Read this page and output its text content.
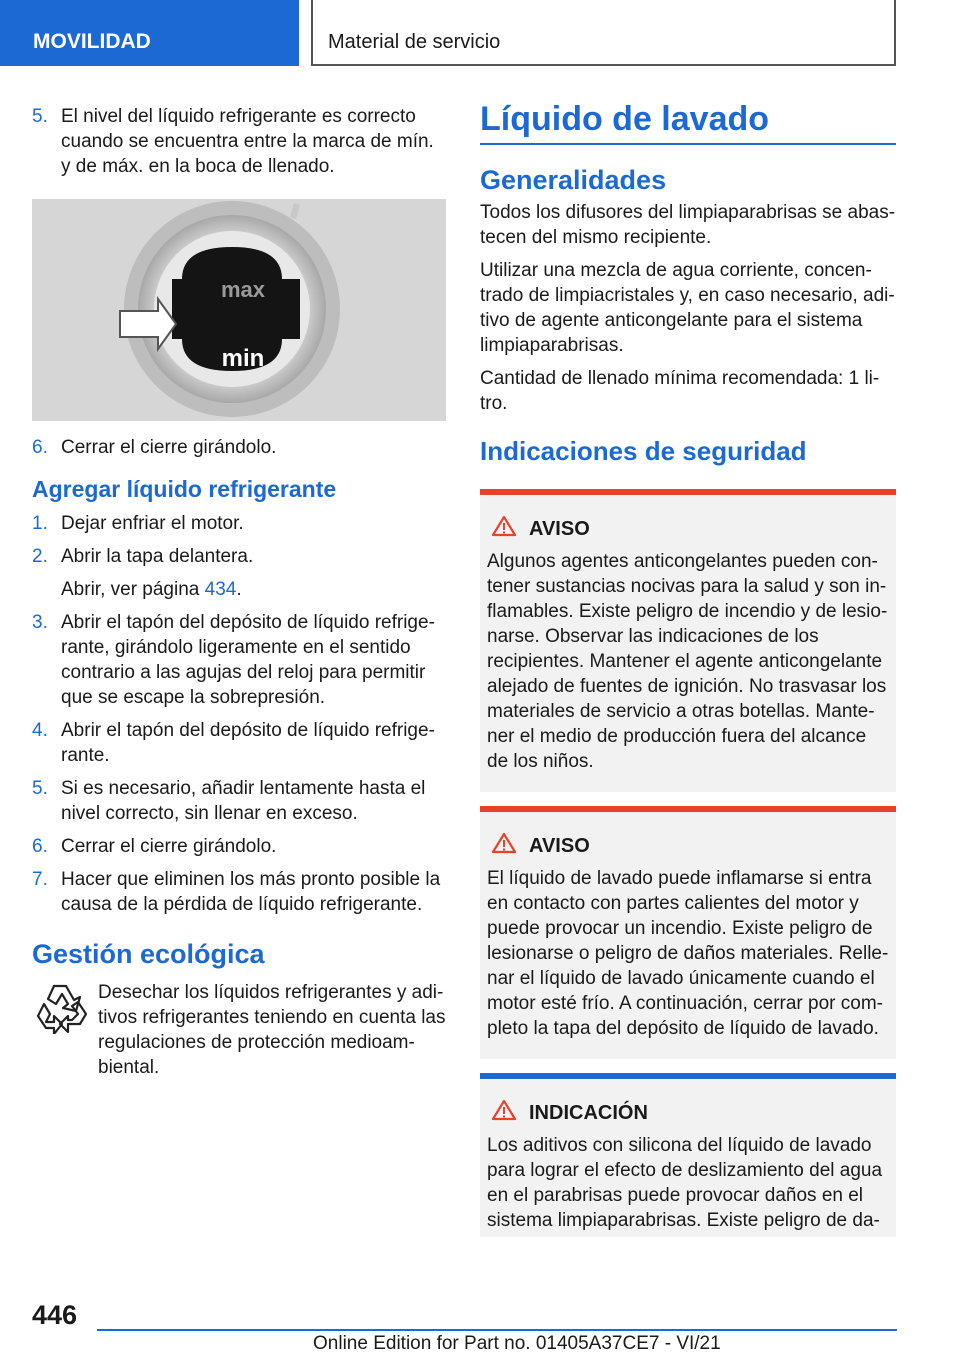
MOVILIDAD	Material de servicio
5. El nivel del líquido refrigerante es correcto cuando se encuentra entre la marca de mín. y de máx. en la boca de llenado.
max
min
6. Cerrar el cierre girándolo.
Agregar líquido refrigerante
1. Dejar enfriar el motor.
2. Abrir la tapa delantera.
Abrir, ver página 434.
3. Abrir el tapón del depósito de líquido refrige- rante, girándolo ligeramente en el sentido contrario a las agujas del reloj para permitir que se escape la sobrepresión.
4. Abrir el tapón del depósito de líquido refrige- rante.
5. Si es necesario, añadir lentamente hasta el nivel correcto, sin llenar en exceso.
6. Cerrar el cierre girándolo.
7. Hacer que eliminen los más pronto posible la causa de la pérdida de líquido refrigerante.
Gestión ecológica
Desechar los líquidos refrigerantes y adi- tivos refrigerantes teniendo en cuenta las regulaciones de protección medioam- biental.
Líquido de lavado
Generalidades
Todos los difusores del limpiaparabrisas se abas- tecen del mismo recipiente.
Utilizar una mezcla de agua corriente, concen- trado de limpiacristales y, en caso necesario, adi- tivo de agente anticongelante para el sistema limpiaparabrisas.
Cantidad de llenado mínima recomendada: 1 li- tro.
Indicaciones de seguridad
AVISO
Algunos agentes anticongelantes pueden con- tener sustancias nocivas para la salud y son in- flamables. Existe peligro de incendio y de lesio- narse. Observar las indicaciones de los recipientes. Mantener el agente anticongelante alejado de fuentes de ignición. No trasvasar los materiales de servicio a otras botellas. Mante- ner el medio de producción fuera del alcance de los niños.
AVISO
El líquido de lavado puede inflamarse si entra en contacto con partes calientes del motor y puede provocar un incendio. Existe peligro de lesionarse o peligro de daños materiales. Relle- nar el líquido de lavado únicamente cuando el motor esté frío. A continuación, cerrar por com- pleto la tapa del depósito de líquido de lavado.
INDICACIÓN
Los aditivos con silicona del líquido de lavado para lograr el efecto de deslizamiento del agua en el parabrisas puede provocar daños en el sistema limpiaparabrisas. Existe peligro de da-
446
Online Edition for Part no. 01405A37CE7 - VI/21
